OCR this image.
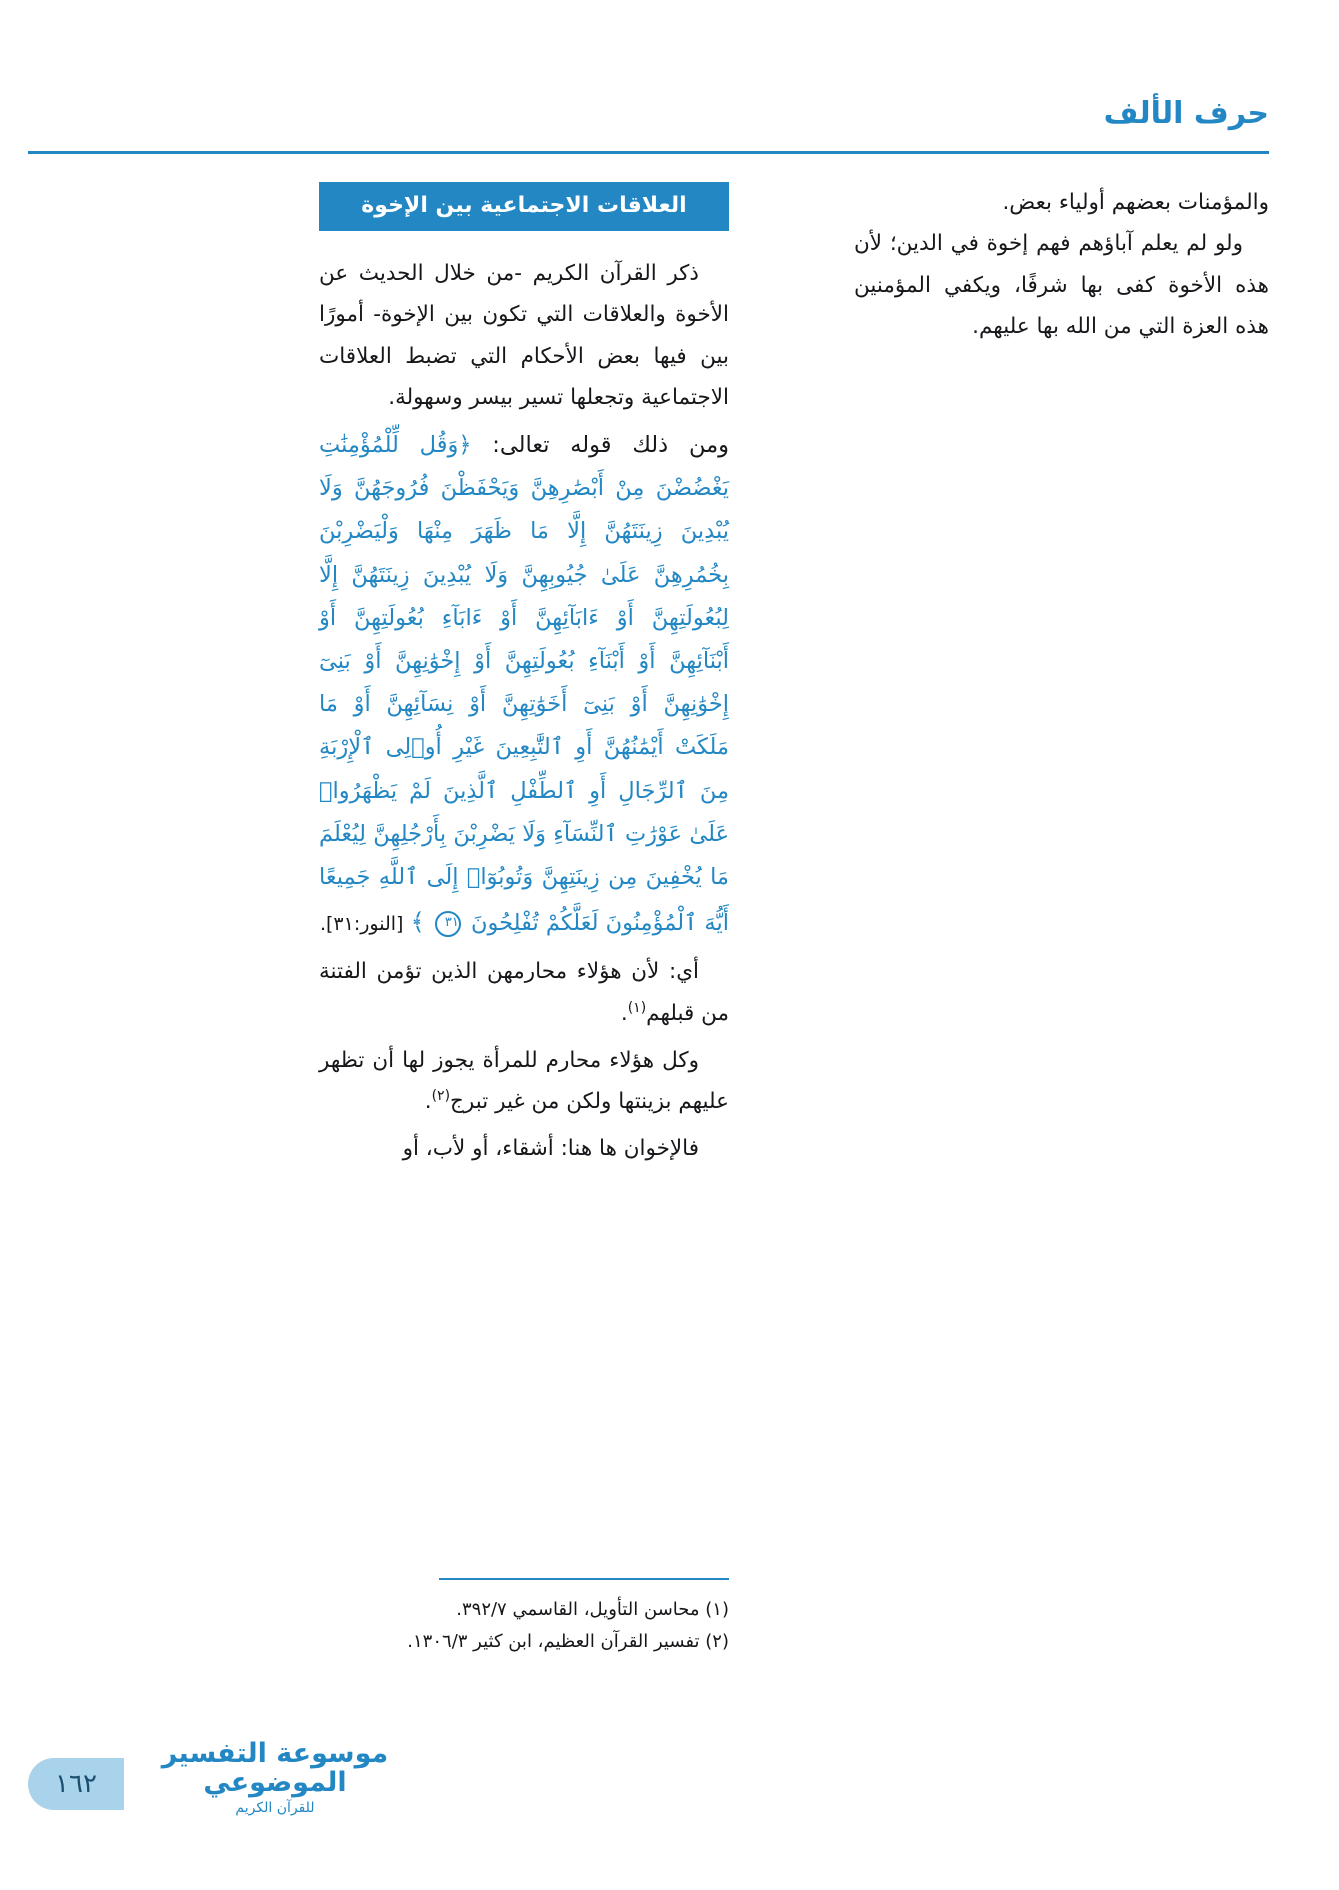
حرف الألف

والمؤمنات بعضهم أولياء بعض.

ولو لم يعلم آباؤهم فهم إخوة في الدين؛ لأن هذه الأخوة كفى بها شرفًا، ويكفي المؤمنين هذه العزة التي من الله بها عليهم.

العلاقات الاجتماعية بين الإخوة

ذكر القرآن الكريم -من خلال الحديث عن الأخوة والعلاقات التي تكون بين الإخوة- أمورًا بين فيها بعض الأحكام التي تضبط العلاقات الاجتماعية وتجعلها تسير بيسر وسهولة.

ومن ذلك قوله تعالى: ﴿وَقُل لِّلْمُؤْمِنَٰتِ يَغْضُضْنَ مِنْ أَبْصَٰرِهِنَّ وَيَحْفَظْنَ فُرُوجَهُنَّ وَلَا يُبْدِينَ زِينَتَهُنَّ إِلَّا مَا ظَهَرَ مِنْهَا وَلْيَضْرِبْنَ بِخُمُرِهِنَّ عَلَىٰ جُيُوبِهِنَّ وَلَا يُبْدِينَ زِينَتَهُنَّ إِلَّا لِبُعُولَتِهِنَّ أَوْ ءَابَآئِهِنَّ أَوْ ءَابَآءِ بُعُولَتِهِنَّ أَوْ أَبْنَآئِهِنَّ أَوْ أَبْنَآءِ بُعُولَتِهِنَّ أَوْ إِخْوَٰنِهِنَّ أَوْ بَنِىٓ إِخْوَٰنِهِنَّ أَوْ بَنِىٓ أَخَوَٰتِهِنَّ أَوْ نِسَآئِهِنَّ أَوْ مَا مَلَكَتْ أَيْمَٰنُهُنَّ أَوِ ٱلتَّٰبِعِينَ غَيْرِ أُو۟لِى ٱلْإِرْبَةِ مِنَ ٱلرِّجَالِ أَوِ ٱلطِّفْلِ ٱلَّذِينَ لَمْ يَظْهَرُوا۟ عَلَىٰ عَوْرَٰتِ ٱلنِّسَآءِ وَلَا يَضْرِبْنَ بِأَرْجُلِهِنَّ لِيُعْلَمَ مَا يُخْفِينَ مِن زِينَتِهِنَّ وَتُوبُوٓا۟ إِلَى ٱللَّهِ جَمِيعًا أَيُّهَ ٱلْمُؤْمِنُونَ لَعَلَّكُمْ تُفْلِحُونَ ٣١ ﴾ [النور:٣١].

أي: لأن هؤلاء محارمهن الذين تؤمن الفتنة من قبلهم$^{(١)}$.

وكل هؤلاء محارم للمرأة يجوز لها أن تظهر عليهم بزينتها ولكن من غير تبرج$^{(٢)}$.

فالإخوان ها هنا: أشقاء، أو لأب، أو

(١) محاسن التأويل، القاسمي ٣٩٢/٧.
(٢) تفسير القرآن العظيم، ابن كثير ١٣٠٦/٣.
١٦٢
موسوعة التفسير الموضوعي
للقرآن الكريم
